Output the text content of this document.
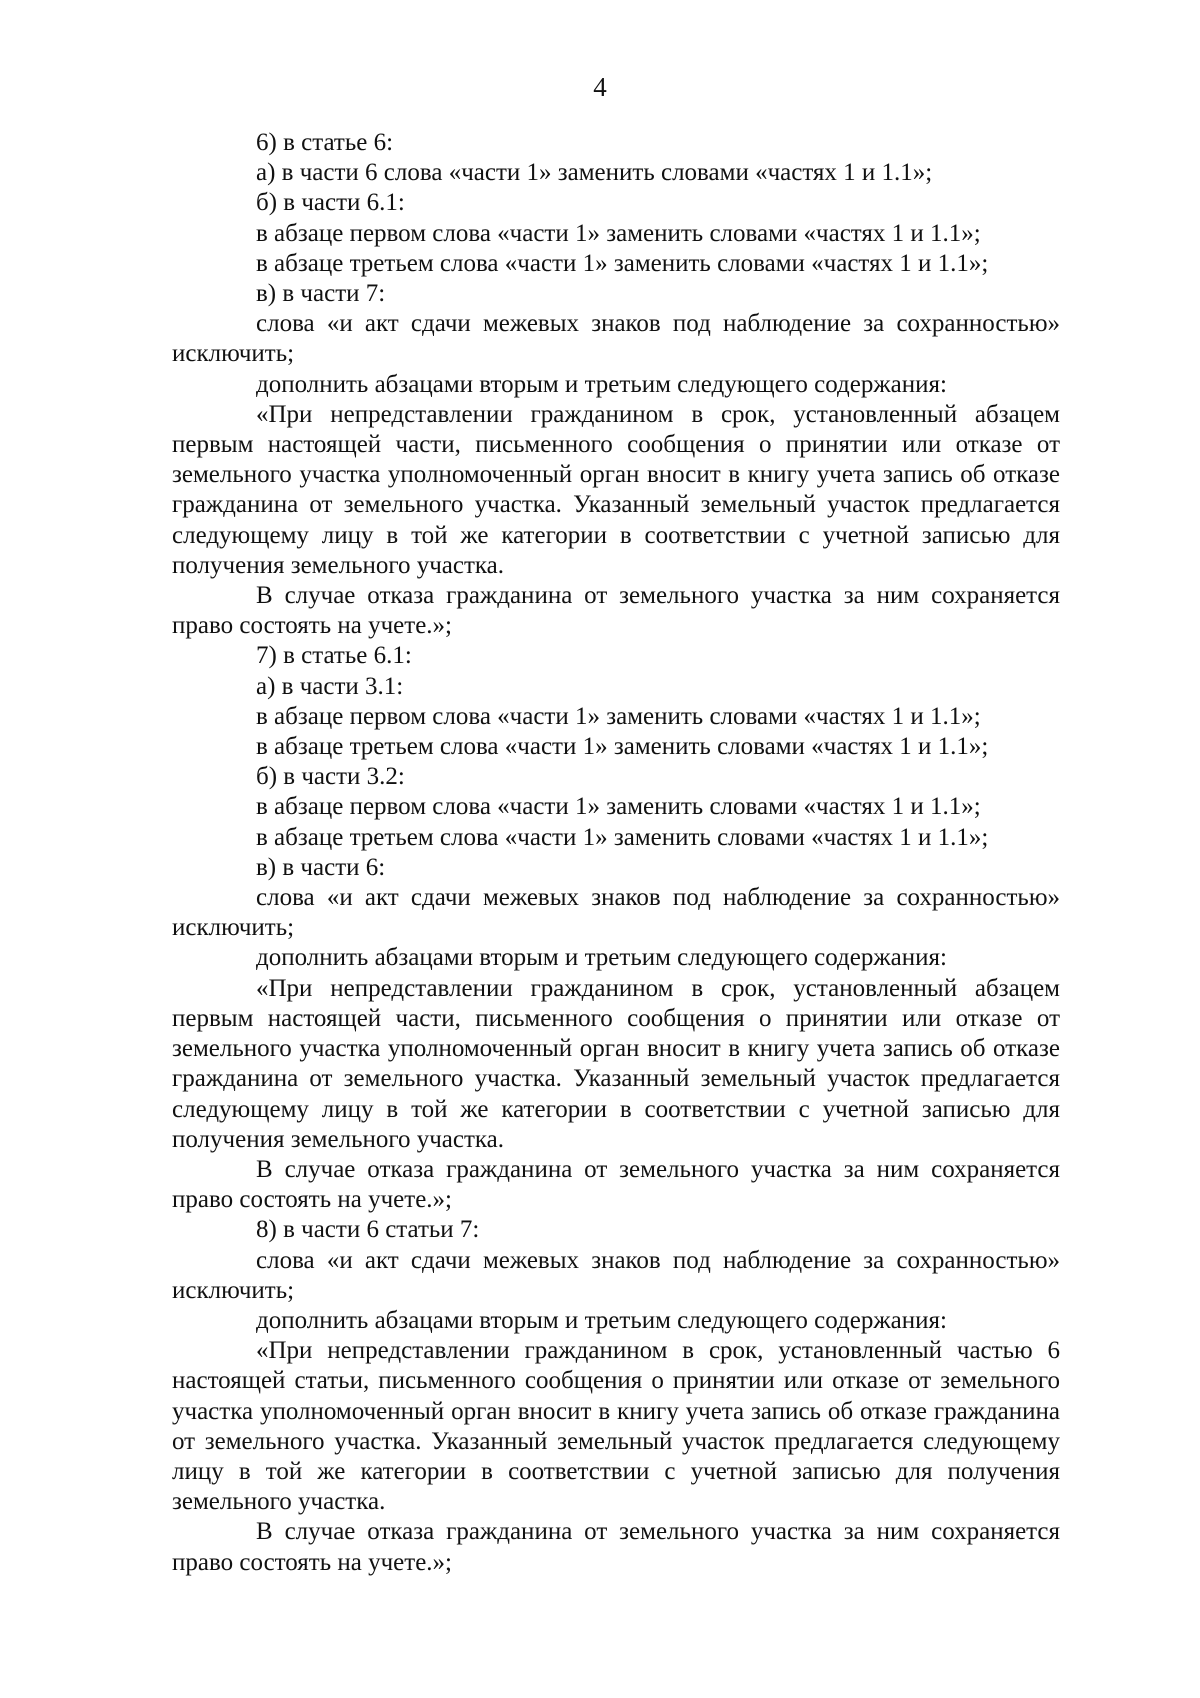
4

6) в статье 6:

а) в части 6 слова «части 1» заменить словами «частях 1 и 1.1»;

б) в части 6.1:

в абзаце первом слова «части 1» заменить словами «частях 1 и 1.1»;

в абзаце третьем слова «части 1» заменить словами «частях 1 и 1.1»;

в) в части 7:

слова «и акт сдачи межевых знаков под наблюдение за сохранностью» исключить;

дополнить абзацами вторым и третьим следующего содержания:

«При непредставлении гражданином в срок, установленный абзацем первым настоящей части, письменного сообщения о принятии или отказе от земельного участка уполномоченный орган вносит в книгу учета запись об отказе гражданина от земельного участка. Указанный земельный участок предлагается следующему лицу в той же категории в соответствии с учетной записью для получения земельного участка.

В случае отказа гражданина от земельного участка за ним сохраняется право состоять на учете.»;

7) в статье 6.1:

а) в части 3.1:

в абзаце первом слова «части 1» заменить словами «частях 1 и 1.1»;

в абзаце третьем слова «части 1» заменить словами «частях 1 и 1.1»;

б) в части 3.2:

в абзаце первом слова «части 1» заменить словами «частях 1 и 1.1»;

в абзаце третьем слова «части 1» заменить словами «частях 1 и 1.1»;

в) в части 6:

слова «и акт сдачи межевых знаков под наблюдение за сохранностью» исключить;

дополнить абзацами вторым и третьим следующего содержания:

«При непредставлении гражданином в срок, установленный абзацем первым настоящей части, письменного сообщения о принятии или отказе от земельного участка уполномоченный орган вносит в книгу учета запись об отказе гражданина от земельного участка. Указанный земельный участок предлагается следующему лицу в той же категории в соответствии с учетной записью для получения земельного участка.

В случае отказа гражданина от земельного участка за ним сохраняется право состоять на учете.»;

8) в части 6 статьи 7:

слова «и акт сдачи межевых знаков под наблюдение за сохранностью» исключить;

дополнить абзацами вторым и третьим следующего содержания:

«При непредставлении гражданином в срок, установленный частью 6 настоящей статьи, письменного сообщения о принятии или отказе от земельного участка уполномоченный орган вносит в книгу учета запись об отказе гражданина от земельного участка. Указанный земельный участок предлагается следующему лицу в той же категории в соответствии с учетной записью для получения земельного участка.

В случае отказа гражданина от земельного участка за ним сохраняется право состоять на учете.»;
